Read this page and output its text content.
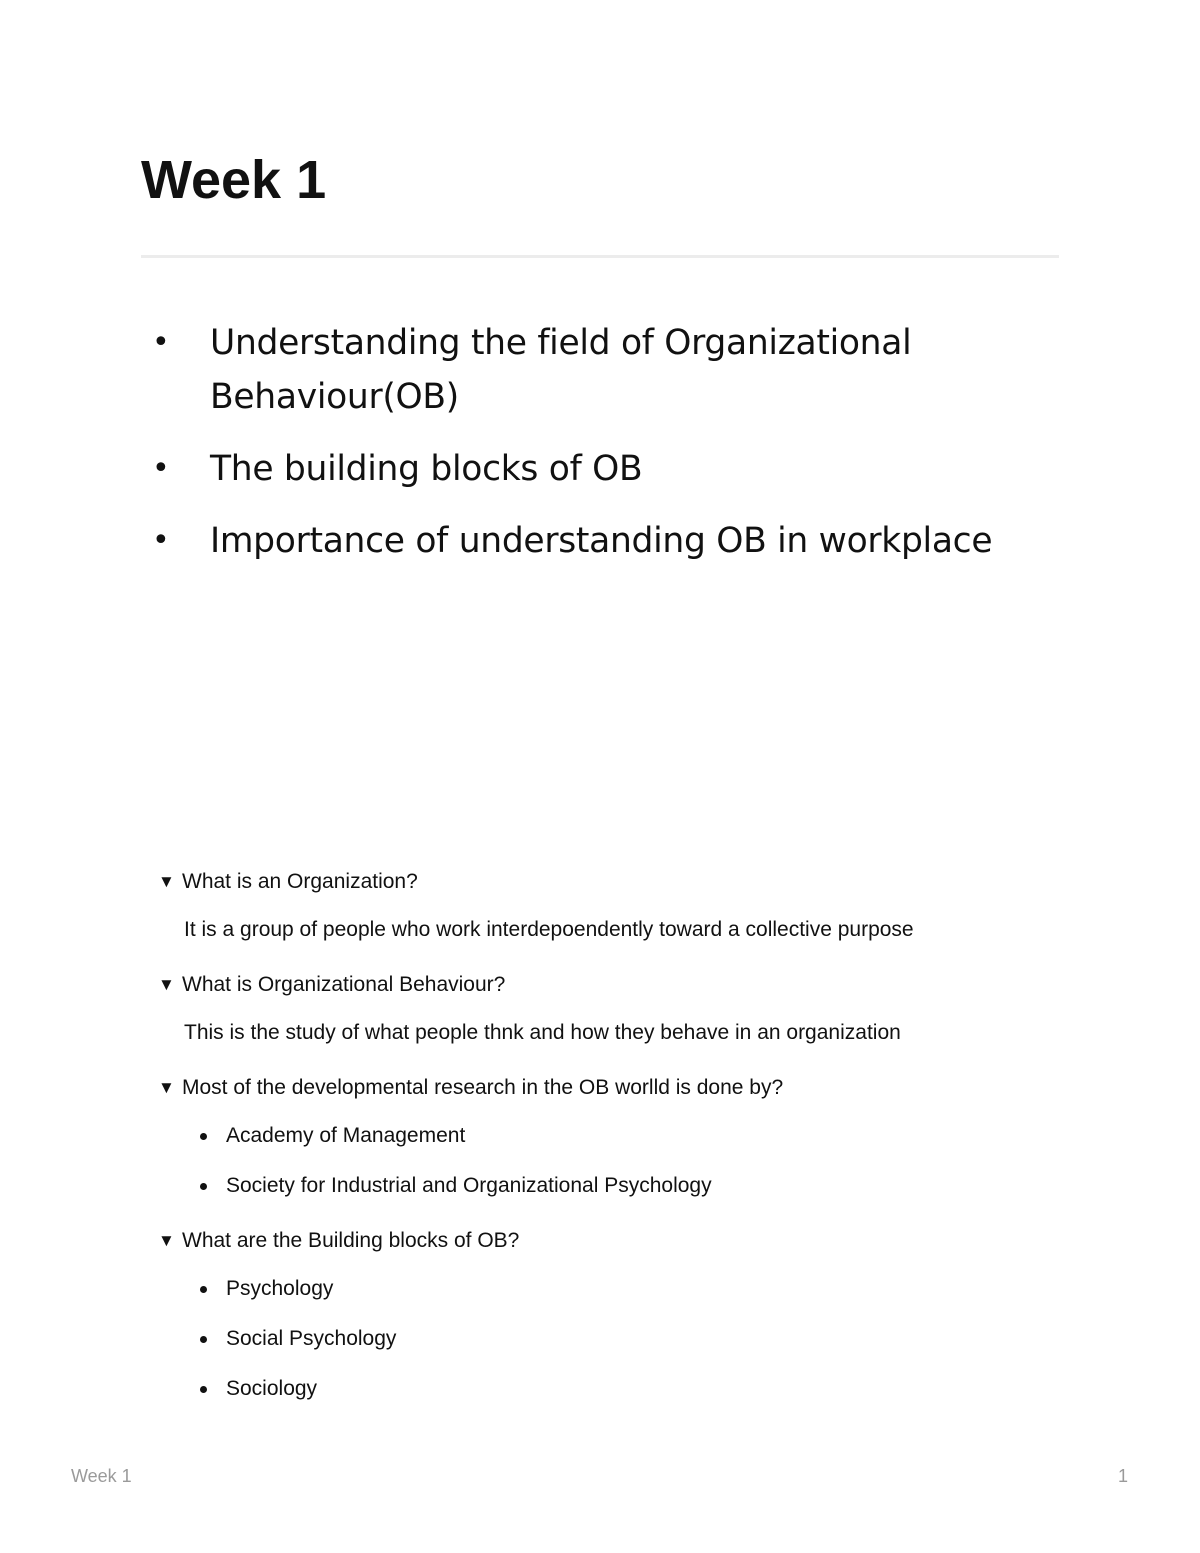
Week 1
• Understanding the field of Organizational
Behaviour(OB)
• The building blocks of OB
• Importance of understanding OB in workplace
▼ What is an Organization?
It is a group of people who work interdepoendently toward a collective purpose
▼ What is Organizational Behaviour?
This is the study of what people thnk and how they behave in an organization
▼ Most of the developmental research in the OB worlld is done by?
Academy of Management
Society for Industrial and Organizational Psychology
▼ What are the Building blocks of OB?
Psychology
Social Psychology
Sociology
Week 1	1
